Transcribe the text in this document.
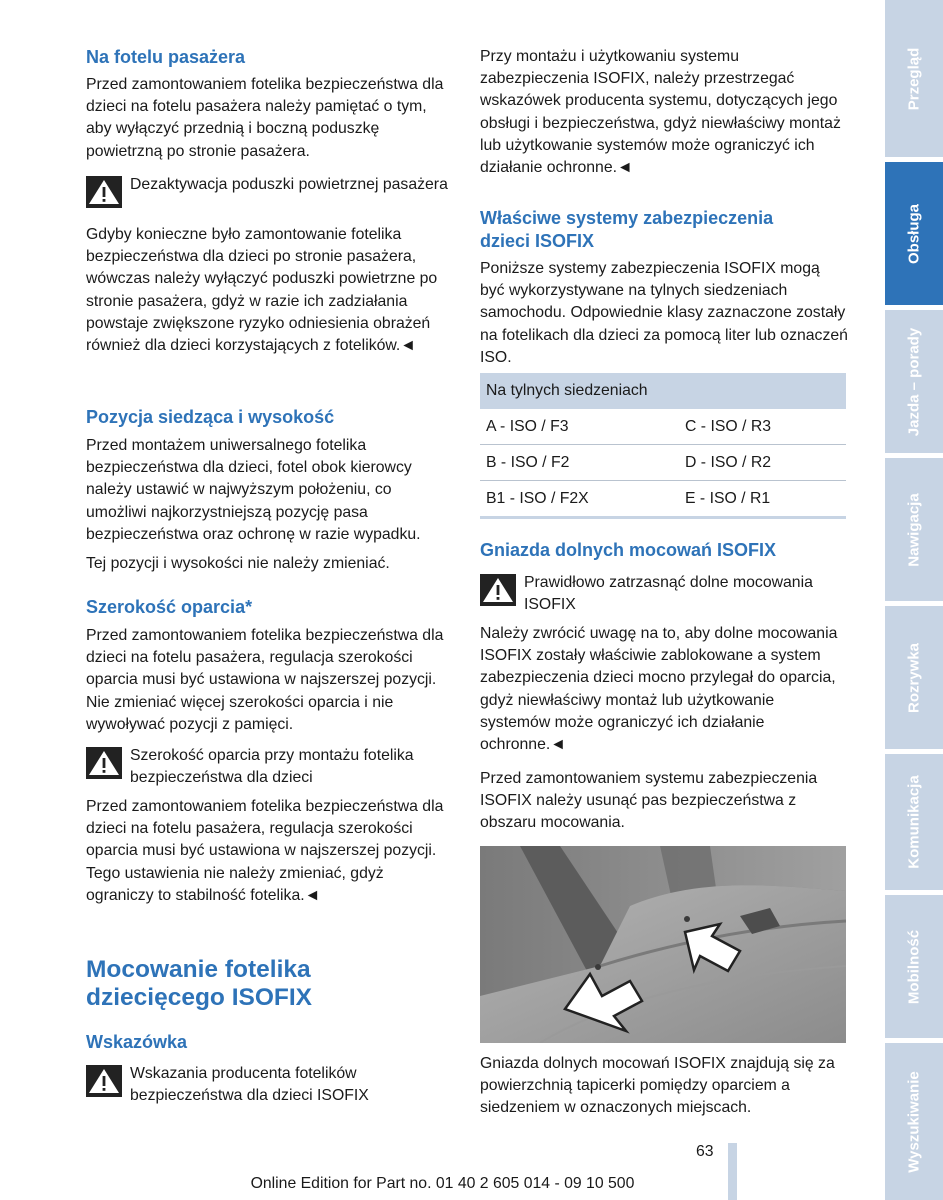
Na fotelu pasażera

Przed zamontowaniem fotelika bezpieczeństwa dla dzieci na fotelu pasażera należy pamiętać o tym, aby wyłączyć przednią i boczną poduszkę powietrzną po stronie pasażera.

Dezaktywacja poduszki powietrznej pasażera

Gdyby konieczne było zamontowanie fotelika bezpieczeństwa dla dzieci po stronie pasażera, wówczas należy wyłączyć poduszki powietrzne po stronie pasażera, gdyż w razie ich zadziałania powstaje zwiększone ryzyko odniesienia obrażeń również dla dzieci korzystających z fotelików.◄

Pozycja siedząca i wysokość

Przed montażem uniwersalnego fotelika bezpieczeństwa dla dzieci, fotel obok kierowcy należy ustawić w najwyższym położeniu, co umożliwi najkorzystniejszą pozycję pasa bezpieczeństwa oraz ochronę w razie wypadku.

Tej pozycji i wysokości nie należy zmieniać.

Szerokość oparcia*

Przed zamontowaniem fotelika bezpieczeństwa dla dzieci na fotelu pasażera, regulacja szerokości oparcia musi być ustawiona w najszerszej pozycji. Nie zmieniać więcej szerokości oparcia i nie wywoływać pozycji z pamięci.

Szerokość oparcia przy montażu fotelika bezpieczeństwa dla dzieci

Przed zamontowaniem fotelika bezpieczeństwa dla dzieci na fotelu pasażera, regulacja szerokości oparcia musi być ustawiona w najszerszej pozycji. Tego ustawienia nie należy zmieniać, gdyż ograniczy to stabilność fotelika.◄

Mocowanie fotelika dziecięcego ISOFIX
Wskazówka
Wskazania producenta fotelików bezpieczeństwa dla dzieci ISOFIX

Przy montażu i użytkowaniu systemu zabezpieczenia ISOFIX, należy przestrzegać wskazówek producenta systemu, dotyczących jego obsługi i bezpieczeństwa, gdyż niewłaściwy montaż lub użytkowanie systemów może ograniczyć ich działanie ochronne.◄

Właściwe systemy zabezpieczenia dzieci ISOFIX

Poniższe systemy zabezpieczenia ISOFIX mogą być wykorzystywane na tylnych siedzeniach samochodu. Odpowiednie klasy zaznaczone zostały na fotelikach dla dzieci za pomocą liter lub oznaczeń ISO.

Na tylnych siedzeniach
A - ISO / F3	C - ISO / R3
B - ISO / F2	D - ISO / R2
B1 - ISO / F2X	E - ISO / R1
Gniazda dolnych mocowań ISOFIX
Prawidłowo zatrzasnąć dolne mocowania ISOFIX

Należy zwrócić uwagę na to, aby dolne mocowania ISOFIX zostały właściwie zablokowane a system zabezpieczenia dzieci mocno przylegał do oparcia, gdyż niewłaściwy montaż lub użytkowanie systemów może ograniczyć ich działanie ochronne.◄

Przed zamontowaniem systemu zabezpieczenia ISOFIX należy usunąć pas bezpieczeństwa z obszaru mocowania.

Gniazda dolnych mocowań ISOFIX znajdują się za powierzchnią tapicerki pomiędzy oparciem a siedzeniem w oznaczonych miejscach.

Przegląd
Obsługa
Jazda – porady
Nawigacja
Rozrywka
Komunikacja
Mobilność
Wyszukiwanie
63
Online Edition for Part no. 01 40 2 605 014 - 09 10 500
